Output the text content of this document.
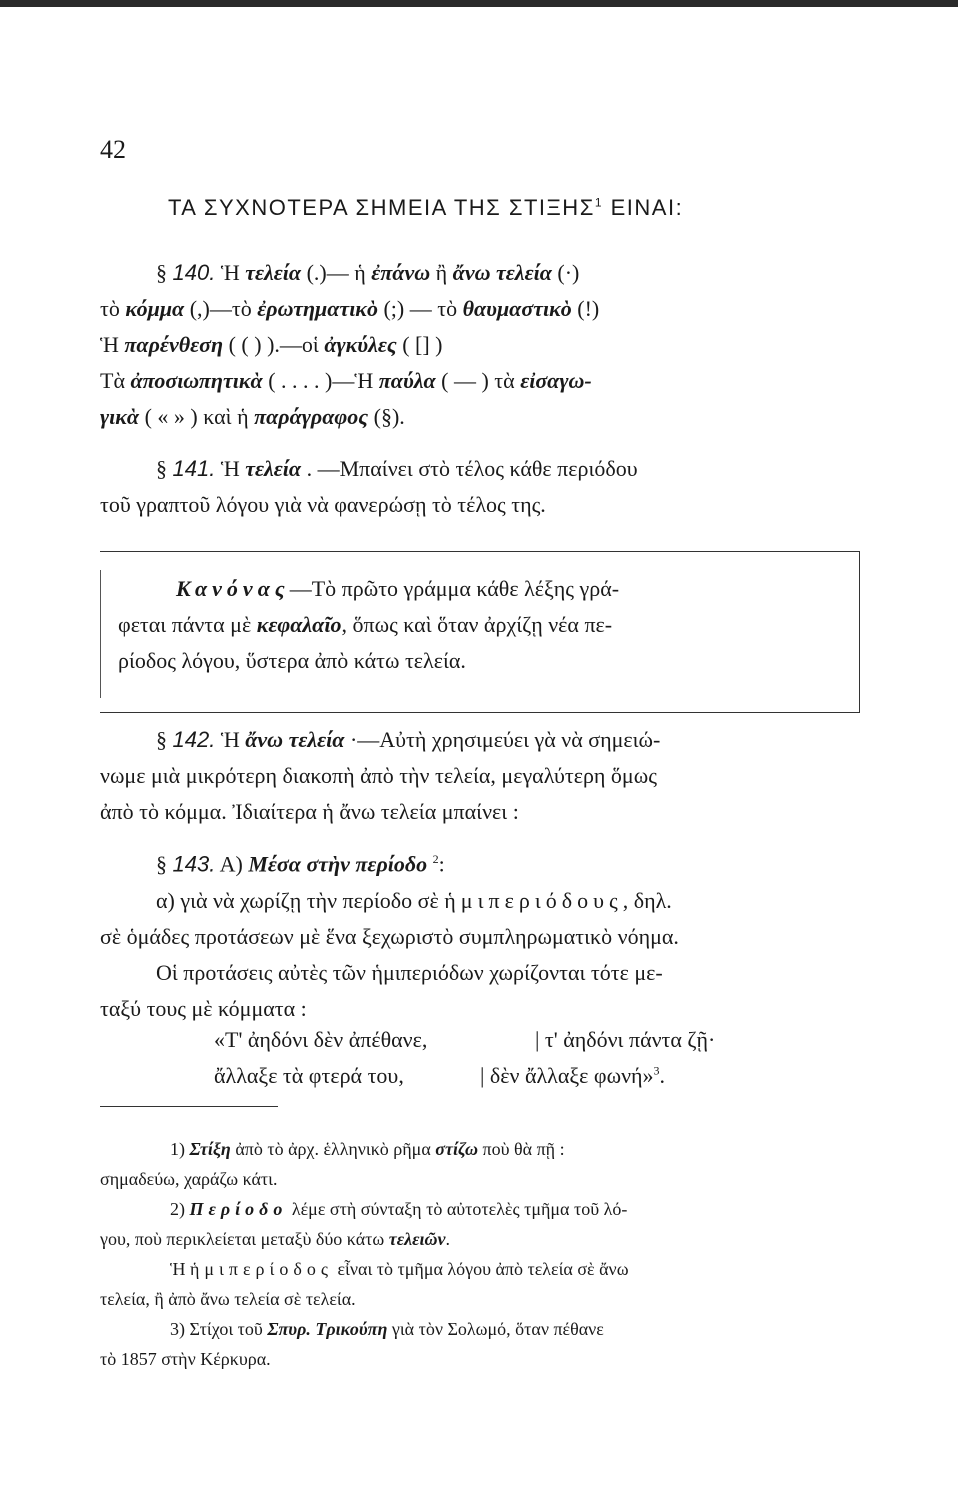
42
ΤΑ ΣΥΧΝΟΤΕΡΑ ΣΗΜΕΙΑ ΤΗΣ ΣΤΙΞΗΣ$^1$ ΕΙΝΑΙ:
§ 140. Ἡ τελεία (.)— ἡ ἐπάνω ἢ ἄνω τελεία (·)
τὸ κόμμα (,)—τὸ ἐρωτηματικὸ (;) — τὸ θαυμαστικὸ (!)
Ἡ παρένθεση ( ( ) ).—οἱ ἀγκύλες ( [] )
Τὰ ἀποσιωπητικὰ ( . . . . )—Ἡ παύλα ( — ) τὰ εἰσαγω-
γικὰ ( « » ) καὶ ἡ παράγραφος (§).
§ 141. Ἡ τελεία . —Μπαίνει στὸ τέλος κάθε περιόδου
τοῦ γραπτοῦ λόγου γιὰ νὰ φανερώσῃ τὸ τέλος της.
Κανόνας—Τὸ πρῶτο γράμμα κάθε λέξης γρά-
φεται πάντα μὲ κεφαλαῖο, ὅπως καὶ ὅταν ἀρχίζῃ νέα πε-
ρίοδος λόγου, ὕστερα ἀπὸ κάτω τελεία.
§ 142. Ἡ ἄνω τελεία ·—Αὐτὴ χρησιμεύει γὰ νὰ σημειώ-
νωμε μιὰ μικρότερη διακοπὴ ἀπὸ τὴν τελεία, μεγαλύτερη ὅμως
ἀπὸ τὸ κόμμα. Ἰδιαίτερα ἡ ἄνω τελεία μπαίνει :
§ 143. Α) Μέσα στὴν περίοδο $^2$:
α) γιὰ νὰ χωρίζῃ τὴν περίοδο σὲ ἡμιπεριόδους, δηλ.
σὲ ὁμάδες προτάσεων μὲ ἕνα ξεχωριστὸ συμπληρωματικὸ νόημα.
Οἱ προτάσεις αὐτὲς τῶν ἡμιπεριόδων χωρίζονται τότε με-
ταξύ τους μὲ κόμματα :
«Τ' ἀηδόνι δὲν ἀπέθανε,	| τ' ἀηδόνι πάντα ζῇ·
ἄλλαξε τὰ φτερά του,	| δὲν ἄλλαξε φωνή»$^3$.
1) Στίξη ἀπὸ τὸ ἀρχ. ἑλληνικὸ ρῆμα στίζω ποὺ θὰ πῇ :
σημαδεύω, χαράζω κάτι.
2) Περίοδο λέμε στὴ σύνταξη τὸ αὐτοτελὲς τμῆμα τοῦ λό-
γου, ποὺ περικλείεται μεταξὺ δύο κάτω τελειῶν.
Ἡ ἡμιπερίοδος εἶναι τὸ τμῆμα λόγου ἀπὸ τελεία σὲ ἄνω
τελεία, ἢ ἀπὸ ἄνω τελεία σὲ τελεία.
3) Στίχοι τοῦ Σπυρ. Τρικούπη γιὰ τὸν Σολωμό, ὅταν πέθανε
τὸ 1857 στὴν Κέρκυρα.
